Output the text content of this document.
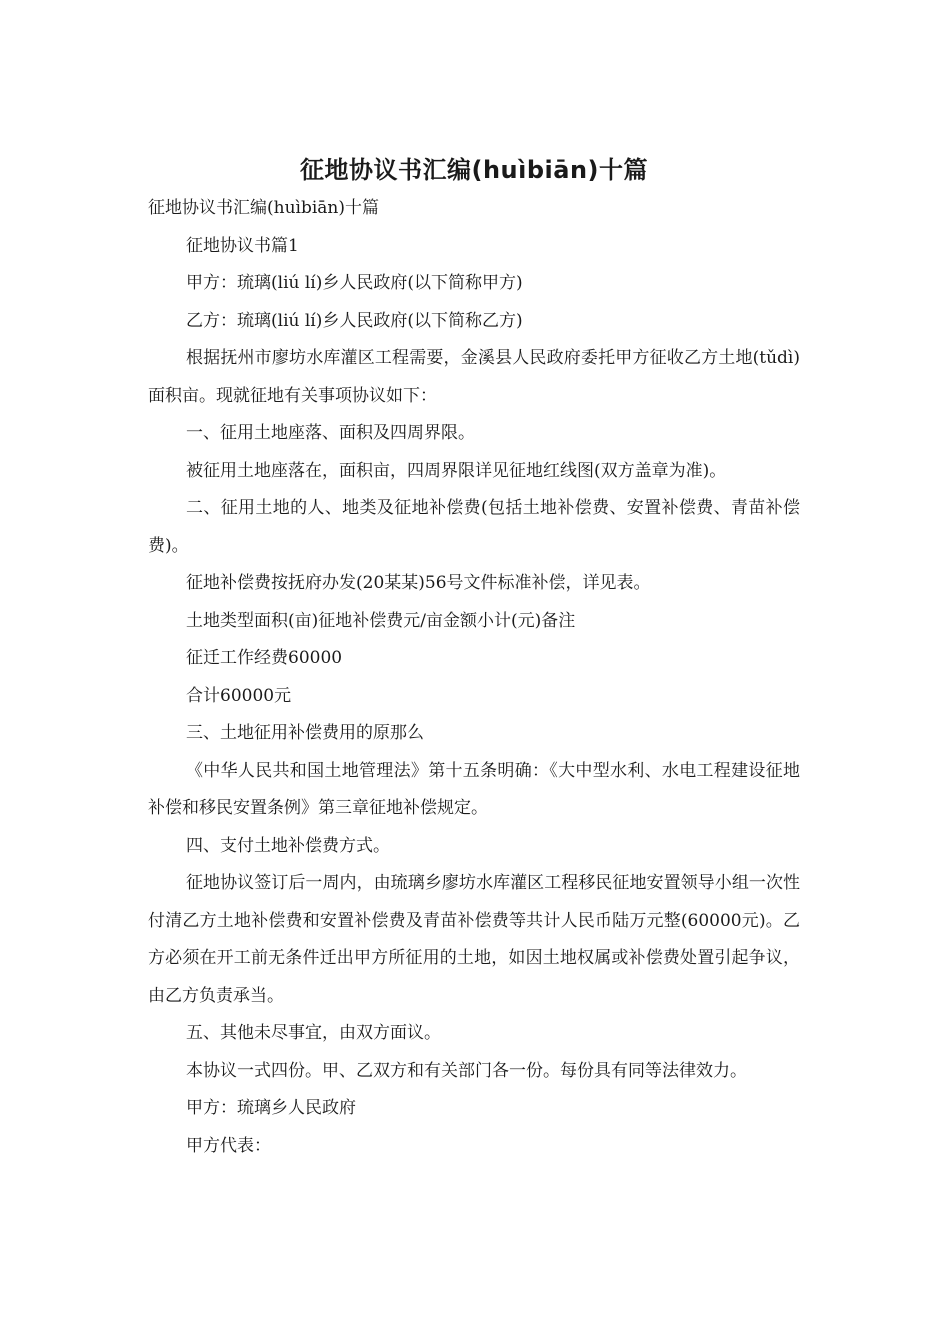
征地协议书汇编(huìbiān)十篇

征地协议书汇编(huìbiān)十篇

征地协议书篇1

甲方：琉璃(liú lí)乡人民政府(以下简称甲方)

乙方：琉璃(liú lí)乡人民政府(以下简称乙方)

根据抚州市廖坊水库灌区工程需要，金溪县人民政府委托甲方征收乙方土地(tǔdì)面积亩。现就征地有关事项协议如下：

一、征用土地座落、面积及四周界限。

被征用土地座落在，面积亩，四周界限详见征地红线图(双方盖章为准)。

二、征用土地的人、地类及征地补偿费(包括土地补偿费、安置补偿费、青苗补偿费)。

征地补偿费按抚府办发(20某某)56号文件标准补偿，详见表。

土地类型面积(亩)征地补偿费元/亩金额小计(元)备注

征迁工作经费60000

合计60000元

三、土地征用补偿费用的原那么

《中华人民共和国土地管理法》第十五条明确：《大中型水利、水电工程建设征地补偿和移民安置条例》第三章征地补偿规定。

四、支付土地补偿费方式。

征地协议签订后一周内，由琉璃乡廖坊水库灌区工程移民征地安置领导小组一次性付清乙方土地补偿费和安置补偿费及青苗补偿费等共计人民币陆万元整(60000元)。乙方必须在开工前无条件迁出甲方所征用的土地，如因土地权属或补偿费处置引起争议，由乙方负责承当。

五、其他未尽事宜，由双方面议。

本协议一式四份。甲、乙双方和有关部门各一份。每份具有同等法律效力。

甲方：琉璃乡人民政府

甲方代表：
